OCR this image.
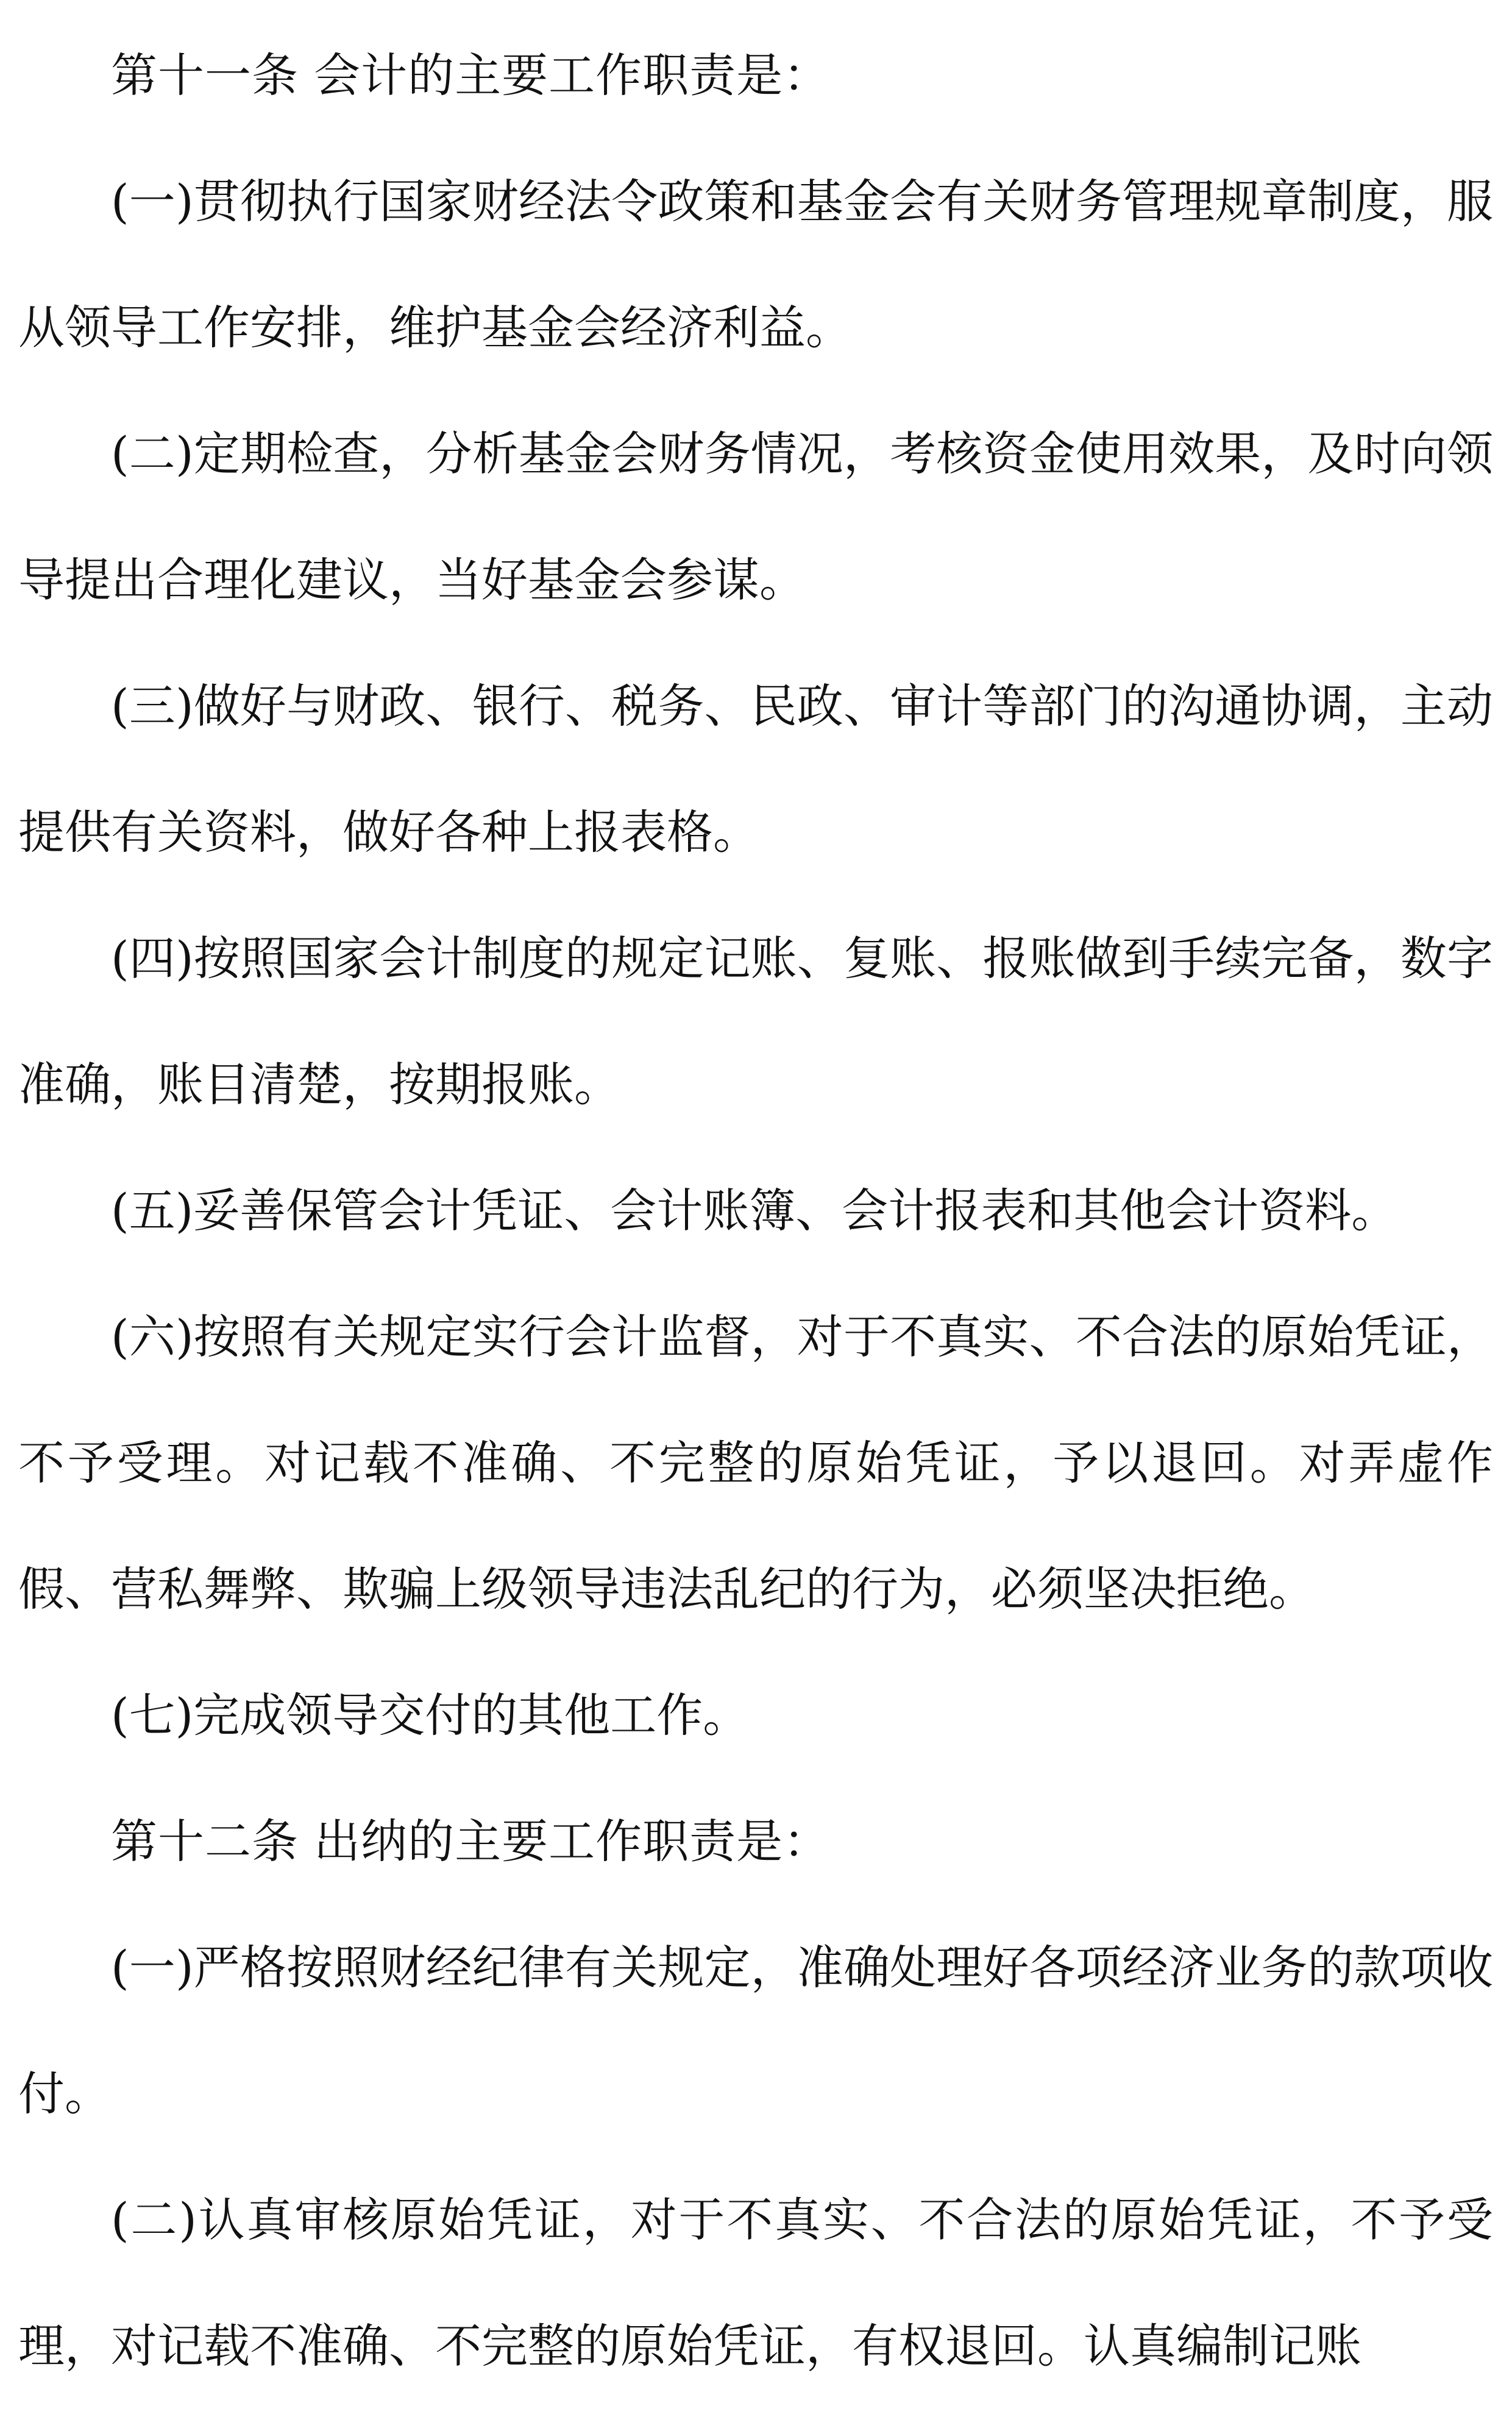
第十一条 会计的主要工作职责是：

(一)贯彻执行国家财经法令政策和基金会有关财务管理规章制度，服从领导工作安排，维护基金会经济利益。

(二)定期检查，分析基金会财务情况，考核资金使用效果，及时向领导提出合理化建议，当好基金会参谋。

(三)做好与财政、银行、税务、民政、审计等部门的沟通协调，主动提供有关资料，做好各种上报表格。

(四)按照国家会计制度的规定记账、复账、报账做到手续完备，数字准确，账目清楚，按期报账。

(五)妥善保管会计凭证、会计账簿、会计报表和其他会计资料。

(六)按照有关规定实行会计监督，对于不真实、不合法的原始凭证，不予受理。对记载不准确、不完整的原始凭证，予以退回。对弄虚作假、营私舞弊、欺骗上级领导违法乱纪的行为，必须坚决拒绝。

(七)完成领导交付的其他工作。

第十二条 出纳的主要工作职责是：

(一)严格按照财经纪律有关规定，准确处理好各项经济业务的款项收付。

(二)认真审核原始凭证，对于不真实、不合法的原始凭证，不予受理，对记载不准确、不完整的原始凭证，有权退回。认真编制记账
